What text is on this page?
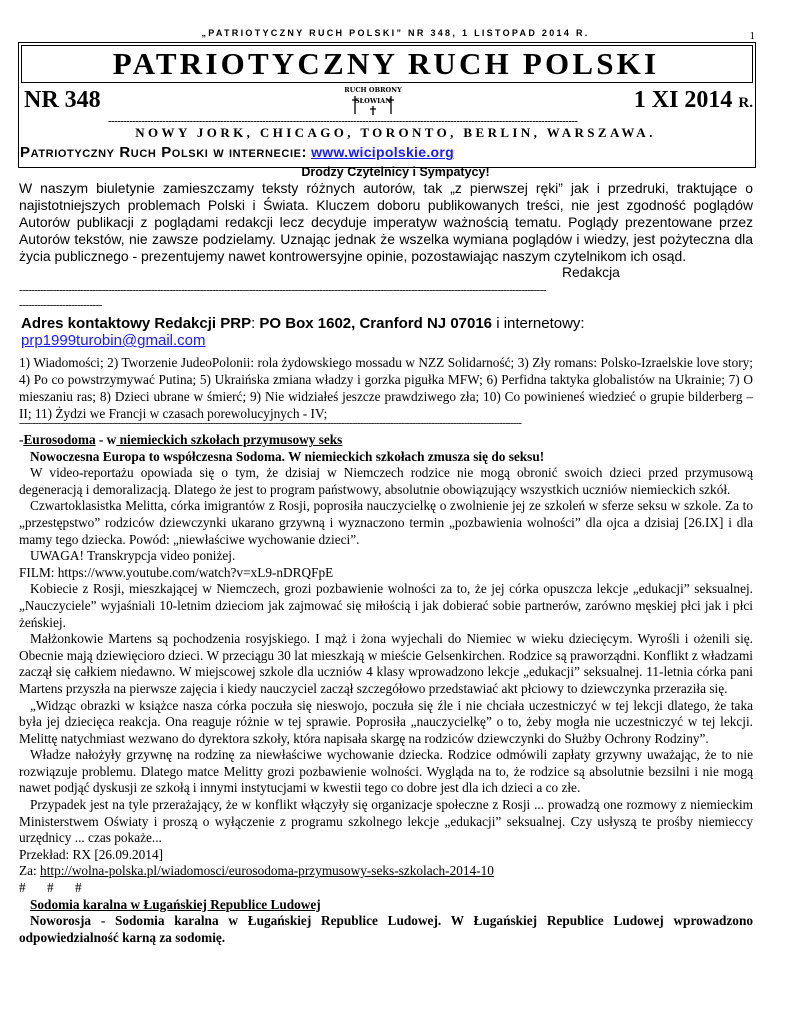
„PATRIOTYCZNY RUCH POLSKI” NR 348, 1 LISTOPAD 2014 R.	1
PATRIOTYCZNY RUCH POLSKI
NR 348	RUCH OBRONY
SŁOWIAN	1 XI 2014 R.
-----------------------------------------------------------------------------------------------------------------------------------------------------------
NOWY JORK, CHICAGO, TORONTO, BERLIN, WARSZAWA.
Patriotyczny Ruch Polski w internecie: www.wicipolskie.org
Drodzy Czytelnicy i Sympatycy!
W naszym biuletynie zamieszczamy teksty różnych autorów, tak „z pierwszej ręki” jak i przedruki, traktujące o najistotniejszych problemach Polski i Świata. Kluczem doboru publikowanych treści, nie jest zgodność poglądów Autorów publikacji z poglądami redakcji lecz decyduje imperatyw ważnością tematu. Poglądy prezentowane przez Autorów tekstów, nie zawsze podzielamy. Uznając jednak że wszelka wymiana poglądów i wiedzy, jest pożyteczna dla życia publicznego - prezentujemy nawet kontrowersyjne opinie, pozostawiając naszym czytelnikom ich osąd.
Redakcja
----------------------------------------------------------------------------------------------------------------------------------------------------------------------------
---------------------------
Adres kontaktowy Redakcji PRP: PO Box 1602, Cranford NJ 07016 i internetowy:
prp1999turobin@gmail.com
1) Wiadomości; 2) Tworzenie JudeoPolonii: rola żydowskiego mossadu w NZZ Solidarność; 3) Zły romans: Polsko-Izraelskie love story; 4) Po co powstrzymywać Putina; 5) Ukraińska zmiana władzy i gorzka pigułka MFW; 6) Perfidna taktyka globalistów na Ukrainie; 7) O mieszaniu ras; 8) Dzieci ubrane w śmierć; 9) Nie widziałeś jeszcze prawdziwego zła; 10) Co powinieneś wiedzieć o grupie bilderberg – II; 11) Żydzi we Francji w czasach porewolucyjnych - IV;
----------------------------------------------------------------------------------------------------------------------------------------------------------------------------------------

-Eurosodoma - w niemieckich szkołach przymusowy seks

Nowoczesna Europa to współczesna Sodoma. W niemieckich szkołach zmusza się do seksu!

W video-reportażu opowiada się o tym, że dzisiaj w Niemczech rodzice nie mogą obronić swoich dzieci przed przymusową degeneracją i demoralizacją. Dlatego że jest to program państwowy, absolutnie obowiązujący wszystkich uczniów niemieckich szkół.

Czwartoklasistka Melitta, córka imigrantów z Rosji, poprosiła nauczycielkę o zwolnienie jej ze szkoleń w sferze seksu w szkole. Za to „przestępstwo” rodziców dziewczynki ukarano grzywną i wyznaczono termin „pozbawienia wolności” dla ojca a dzisiaj [26.IX] i dla mamy tego dziecka. Powód: „niewłaściwe wychowanie dzieci”.

UWAGA! Transkrypcja video poniżej.

FILM: https://www.youtube.com/watch?v=xL9-nDRQFpE

Kobiecie z Rosji, mieszkającej w Niemczech, grozi pozbawienie wolności za to, że jej córka opuszcza lekcje „edukacji” seksualnej. „Nauczyciele” wyjaśniali 10-letnim dzieciom jak zajmować się miłością i jak dobierać sobie partnerów, zarówno męskiej płci jak i płci żeńskiej.

Małżonkowie Martens są pochodzenia rosyjskiego. I mąż i żona wyjechali do Niemiec w wieku dziecięcym. Wyrośli i ożenili się. Obecnie mają dziewięcioro dzieci. W przeciągu 30 lat mieszkają w mieście Gelsenkirchen. Rodzice są praworządni. Konflikt z władzami zaczął się całkiem niedawno. W miejscowej szkole dla uczniów 4 klasy wprowadzono lekcje „edukacji” seksualnej. 11-letnia córka pani Martens przyszła na pierwsze zajęcia i kiedy nauczyciel zaczął szczegółowo przedstawiać akt płciowy to dziewczynka przeraziła się.

„Widząc obrazki w książce nasza córka poczuła się nieswojo, poczuła się źle i nie chciała uczestniczyć w tej lekcji dlatego, że taka była jej dziecięca reakcja. Ona reaguje różnie w tej sprawie. Poprosiła „nauczycielkę” o to, żeby mogła nie uczestniczyć w tej lekcji. Melittę natychmiast wezwano do dyrektora szkoły, która napisała skargę na rodziców dziewczynki do Służby Ochrony Rodziny”.

Władze nałożyły grzywnę na rodzinę za niewłaściwe wychowanie dziecka. Rodzice odmówili zapłaty grzywny uważając, że to nie rozwiązuje problemu. Dlatego matce Melitty grozi pozbawienie wolności. Wygląda na to, że rodzice są absolutnie bezsilni i nie mogą nawet podjąć dyskusji ze szkołą i innymi instytucjami w kwestii tego co dobre jest dla ich dzieci a co złe.

Przypadek jest na tyle przerażający, że w konflikt włączyły się organizacje społeczne z Rosji ... prowadzą one rozmowy z niemieckim Ministerstwem Oświaty i proszą o wyłączenie z programu szkolnego lekcje „edukacji” seksualnej. Czy usłyszą te prośby niemieccy urzędnicy ... czas pokaże...

Przekład: RX [26.09.2014]

Za: http://wolna-polska.pl/wiadomosci/eurosodoma-przymusowy-seks-szkolach-2014-10

# # #

Sodomia karalna w Ługańskiej Republice Ludowej

Noworosja - Sodomia karalna w Ługańskiej Republice Ludowej. W Ługańskiej Republice Ludowej wprowadzono odpowiedzialność karną za sodomię.
